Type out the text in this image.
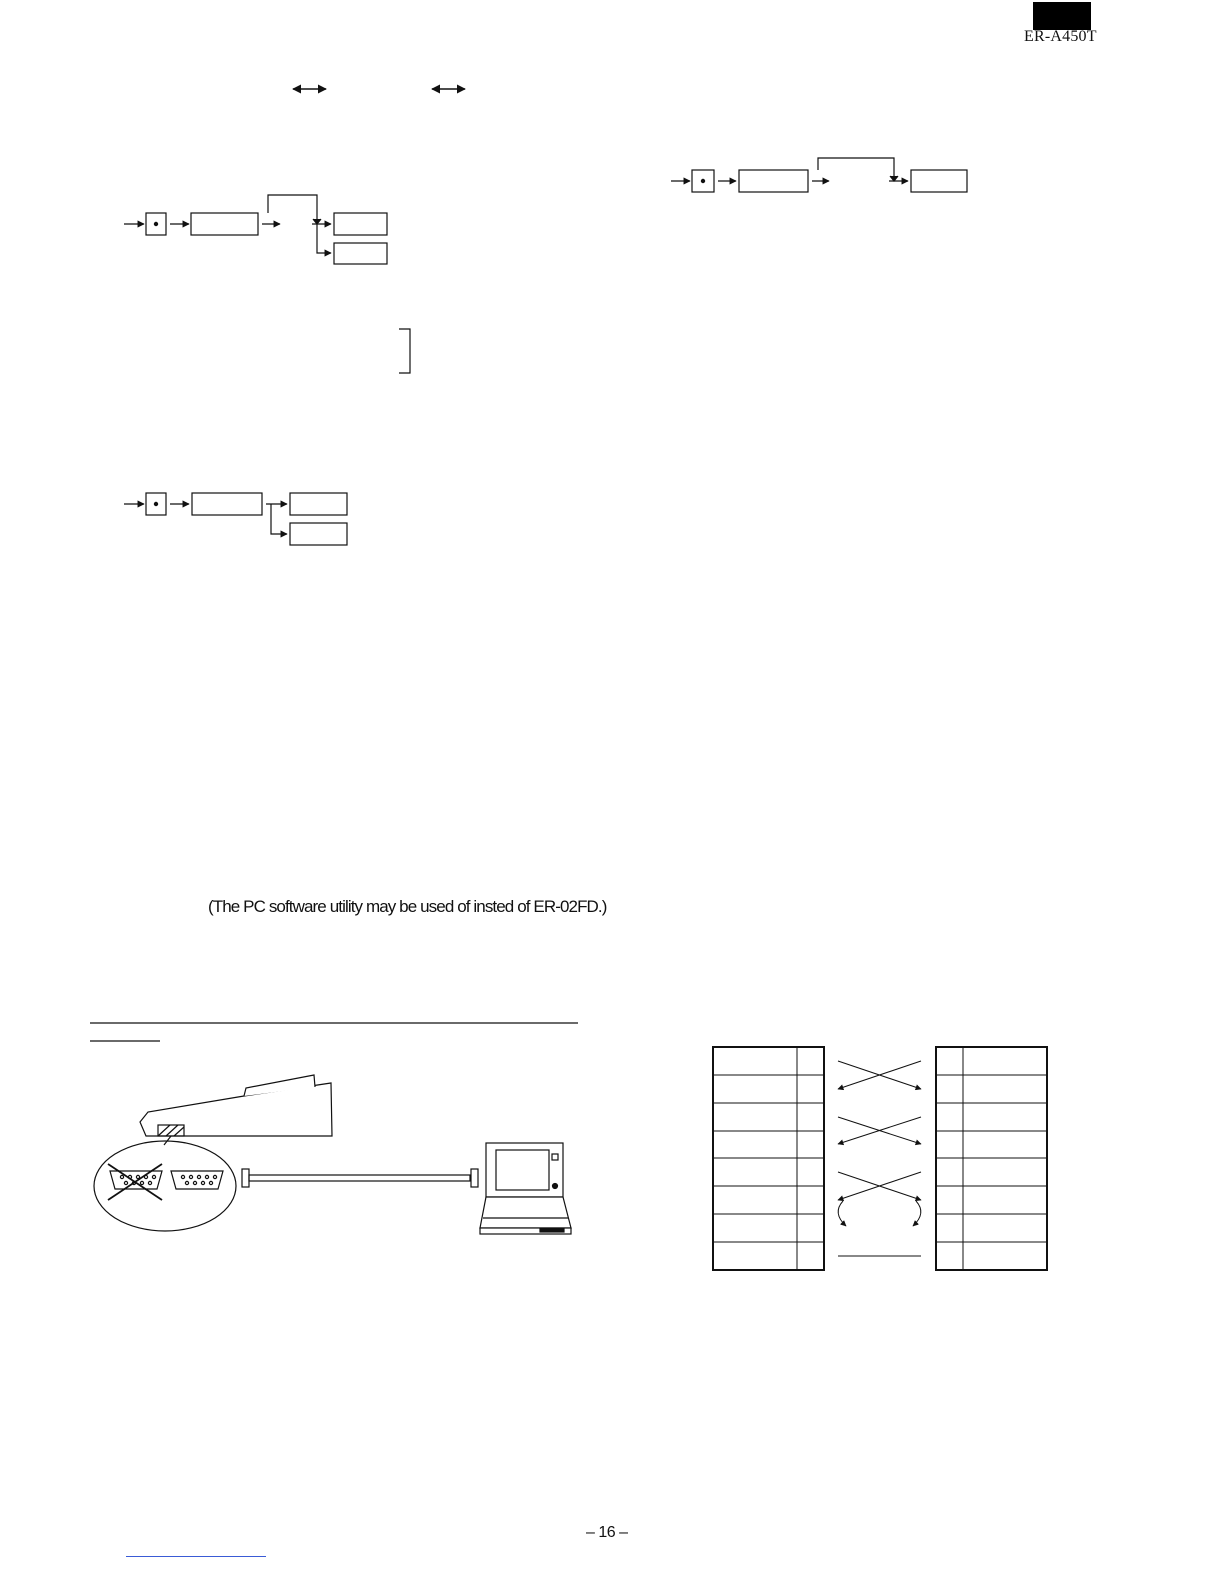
ER-A450T
(The PC software utility may be used of insted of ER-02FD.)
– 16 –
